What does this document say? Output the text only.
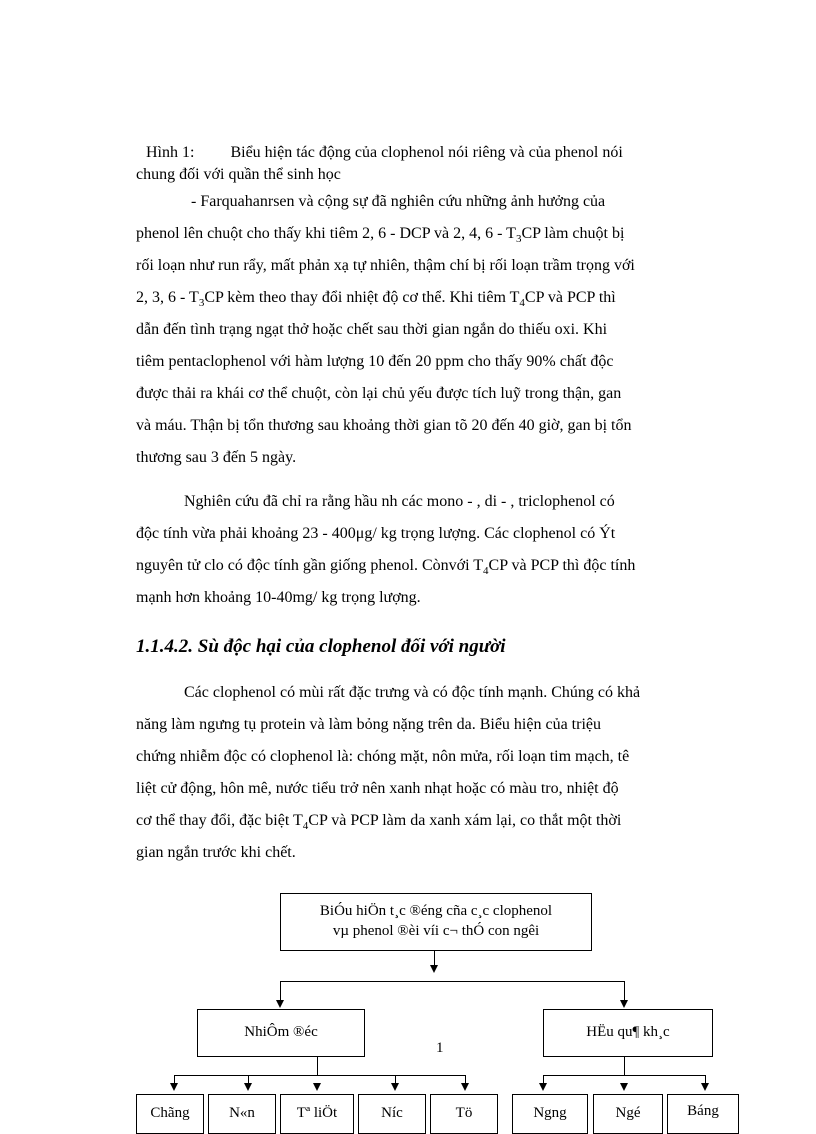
Hình 1: Biểu hiện tác động của clophenol nói riêng và của phenol nói
chung đối với quần thể sinh học
- Farquahanrsen và cộng sự đã nghiên cứu những ảnh hưởng của
phenol lên chuột cho thấy khi tiêm 2, 6 - DCP và 2, 4, $6 - T_3CP$ làm chuột bị
rối loạn như run rẩy, mất phản xạ tự nhiên, thậm chí bị rối loạn trầm trọng với
2, 3, $6 - T_3CP$ kèm theo thay đổi nhiệt độ cơ thể. Khi tiêm $T_4CP$ và PCP thì
dẫn đến tình trạng ngạt thở hoặc chết sau thời gian ngắn do thiếu oxi. Khi
tiêm pentaclophenol với hàm lượng 10 đến 20 ppm cho thấy 90% chất độc
được thải ra khái cơ thể chuột, còn lại chủ yếu được tích luỹ trong thận, gan
và máu. Thận bị tổn thương sau khoảng thời gian tõ 20 đến 40 giờ, gan bị tổn
thương sau 3 đến 5 ngày.
Nghiên cứu đã chỉ ra rằng hầu nh các mono - , di - , triclophenol có
độc tính vừa phải khoảng 23 - 400μg/ kg trọng lượng. Các clophenol có Ýt
nguyên tử clo có độc tính gần giống phenol. Cònvới $T_4CP$ và PCP thì độc tính
mạnh hơn khoảng 10-40mg/ kg trọng lượng.
1.1.4.2. Sù độc hại của clophenol đối với người
Các clophenol có mùi rất đặc trưng và có độc tính mạnh. Chúng có khả
năng làm ngưng tụ protein và làm bỏng nặng trên da. Biểu hiện của triệu
chứng nhiễm độc có clophenol là: chóng mặt, nôn mửa, rối loạn tim mạch, tê
liệt cử động, hôn mê, nước tiểu trở nên xanh nhạt hoặc có màu tro, nhiệt độ
cơ thể thay đổi, đặc biệt $T_4CP$ và PCP làm da xanh xám lại, co thắt một thời
gian ngắn trước khi chết.
BiÓu hiÖn t¸c ®éng cña c¸c clophenol
vµ phenol ®èi víi c¬ thÓ con ngêi
NhiÔm ®éc	HËu qu¶ kh¸c
1
Chãng	N«n	Tª liÖt	Níc	Tö	Ngng	Ngé	Báng
